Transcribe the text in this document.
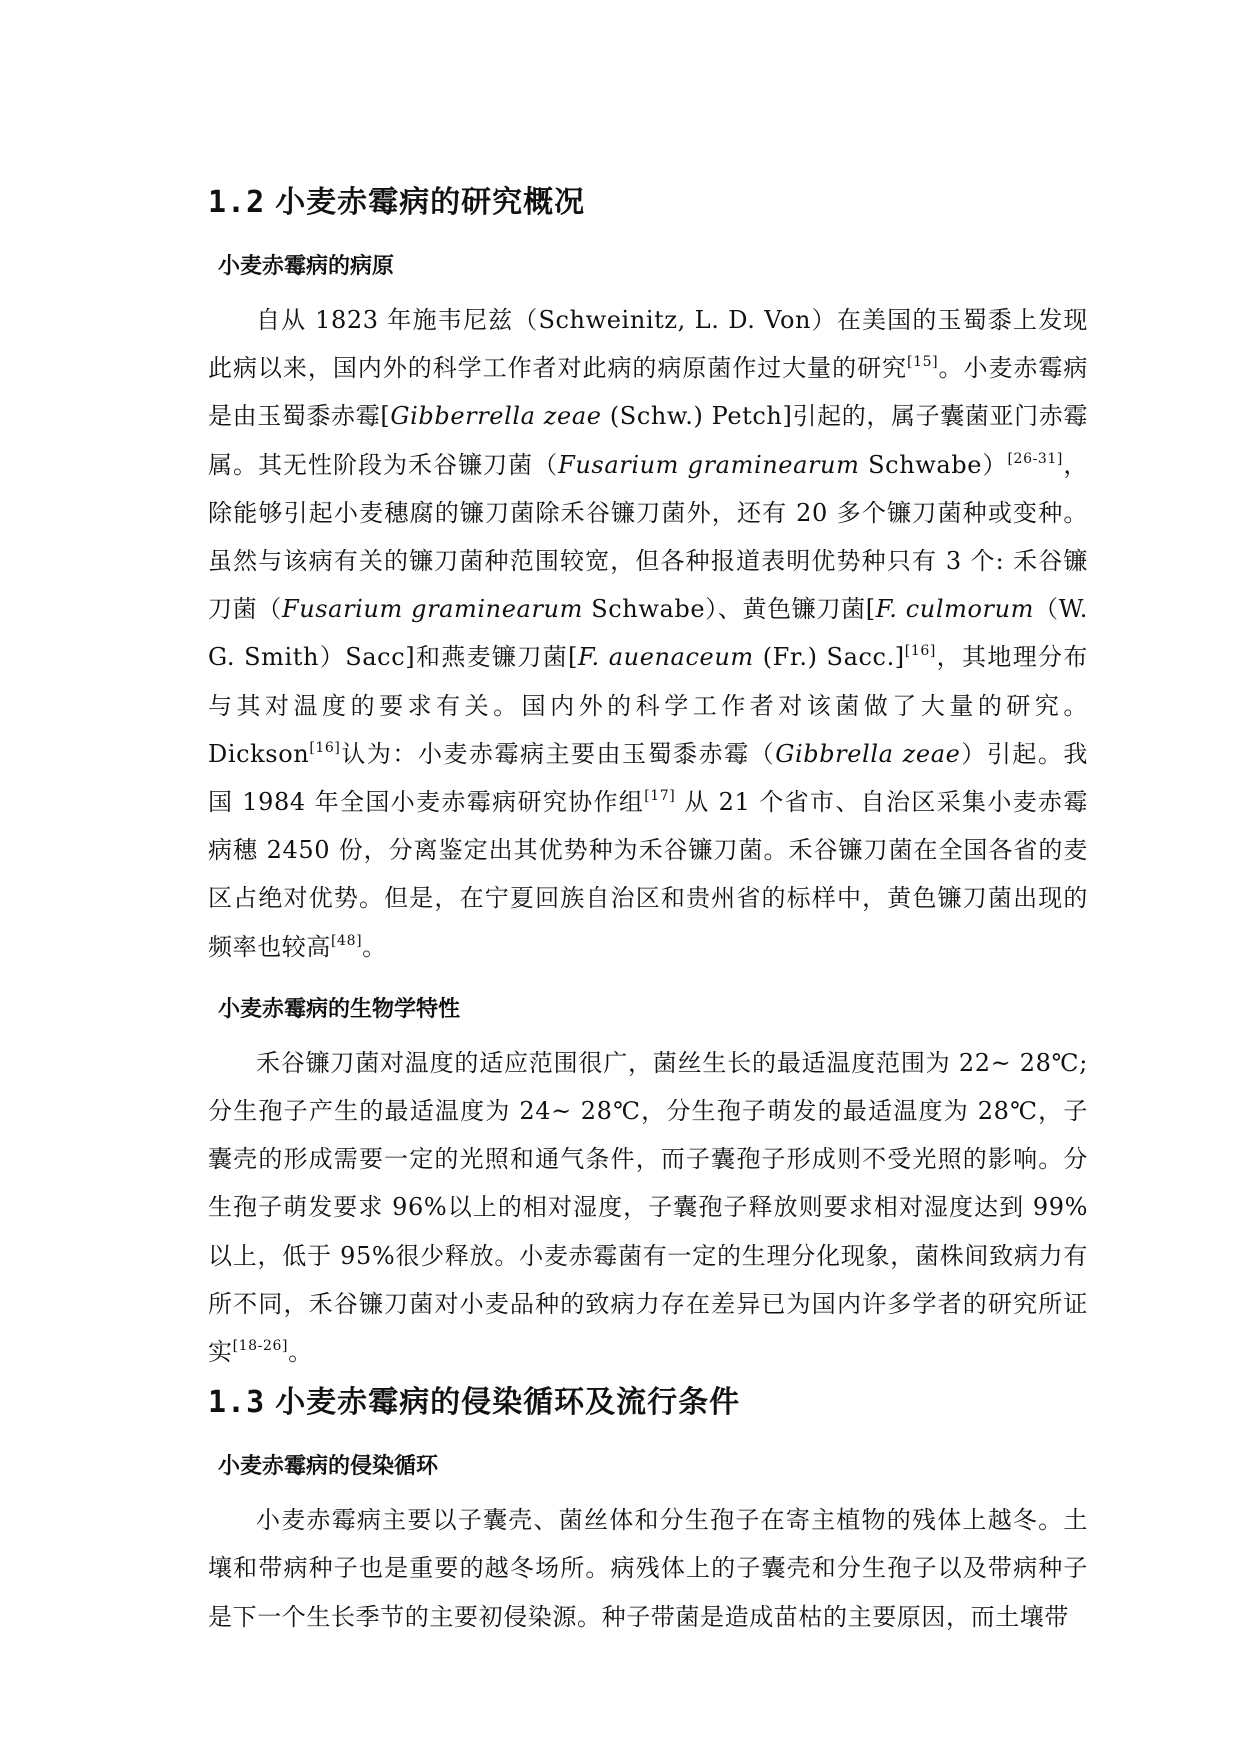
1.2 小麦赤霉病的研究概况
小麦赤霉病的病原

自从 1823 年施韦尼兹（Schweinitz, L. D. Von）在美国的玉蜀黍上发现此病以来，国内外的科学工作者对此病的病原菌作过大量的研究[15]。小麦赤霉病是由玉蜀黍赤霉[Gibberrella zeae (Schw.) Petch]引起的，属子囊菌亚门赤霉属。其无性阶段为禾谷镰刀菌（Fusarium graminearum Schwabe）[26-31]，除能够引起小麦穗腐的镰刀菌除禾谷镰刀菌外，还有 20 多个镰刀菌种或变种。虽然与该病有关的镰刀菌种范围较宽，但各种报道表明优势种只有 3 个: 禾谷镰刀菌（Fusarium graminearum Schwabe）、黄色镰刀菌[F. culmorum（W. G. Smith）Sacc]和燕麦镰刀菌[F. auenaceum (Fr.) Sacc.][16]，其地理分布与其对温度的要求有关。国内外的科学工作者对该菌做了大量的研究。Dickson[16]认为：小麦赤霉病主要由玉蜀黍赤霉（Gibbrella zeae）引起。我国 1984 年全国小麦赤霉病研究协作组[17] 从 21 个省市、自治区采集小麦赤霉病穗 2450 份，分离鉴定出其优势种为禾谷镰刀菌。禾谷镰刀菌在全国各省的麦区占绝对优势。但是，在宁夏回族自治区和贵州省的标样中，黄色镰刀菌出现的频率也较高[48]。

小麦赤霉病的生物学特性

禾谷镰刀菌对温度的适应范围很广，菌丝生长的最适温度范围为 22~ 28℃; 分生孢子产生的最适温度为 24~ 28℃，分生孢子萌发的最适温度为 28℃，子囊壳的形成需要一定的光照和通气条件，而子囊孢子形成则不受光照的影响。分生孢子萌发要求 96%以上的相对湿度，子囊孢子释放则要求相对湿度达到 99%以上，低于 95%很少释放。小麦赤霉菌有一定的生理分化现象，菌株间致病力有所不同，禾谷镰刀菌对小麦品种的致病力存在差异已为国内许多学者的研究所证实[18-26]。

1.3 小麦赤霉病的侵染循环及流行条件
小麦赤霉病的侵染循环

小麦赤霉病主要以子囊壳、菌丝体和分生孢子在寄主植物的残体上越冬。土壤和带病种子也是重要的越冬场所。病残体上的子囊壳和分生孢子以及带病种子是下一个生长季节的主要初侵染源。种子带菌是造成苗枯的主要原因，而土壤带
